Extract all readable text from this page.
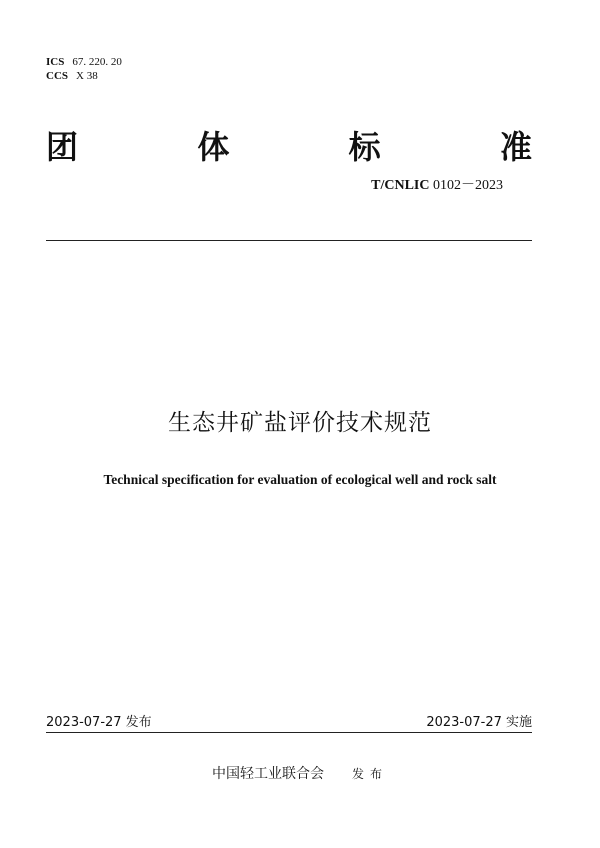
ICS 67. 220. 20
CCS X 38
团	体	标	准
T/CNLIC 0102－2023
生态井矿盐评价技术规范
Technical specification for evaluation of ecological well and rock salt
2023-07-27 发布	2023-07-27 实施
中国轻工业联合会 发布
